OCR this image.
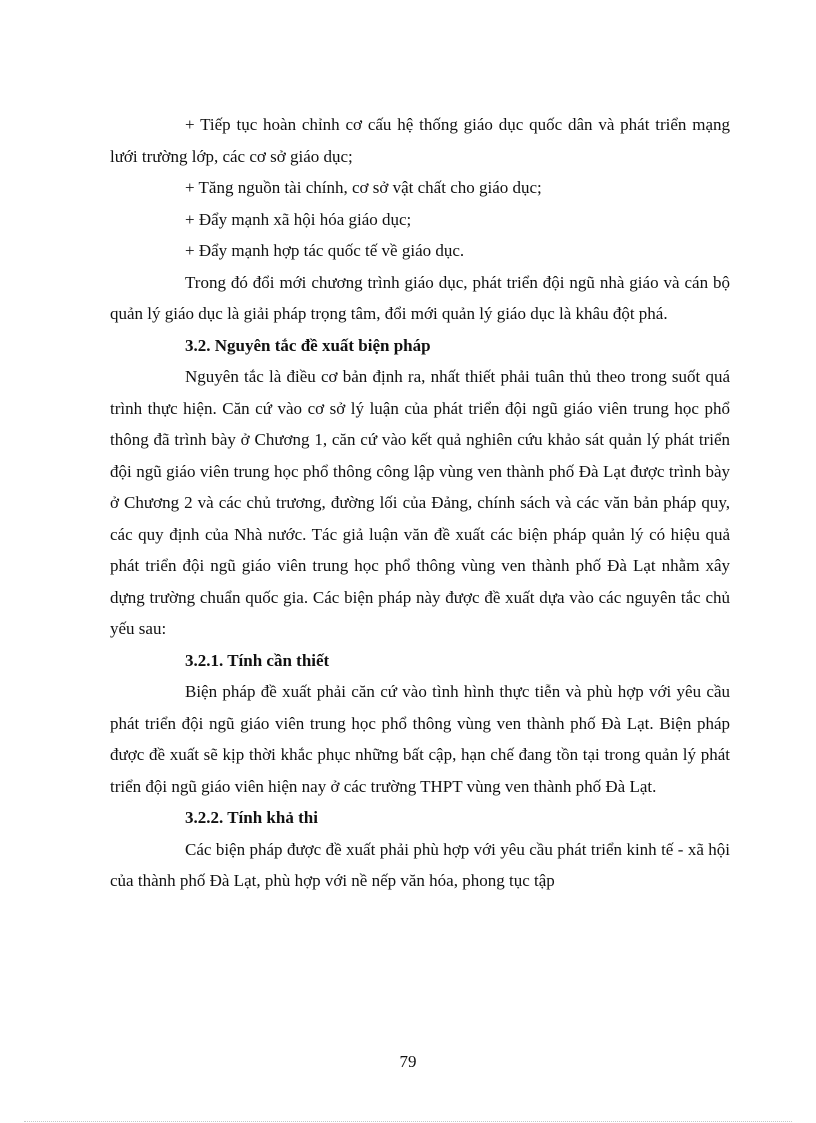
+ Tiếp tục hoàn chỉnh cơ cấu hệ thống giáo dục quốc dân và phát triển mạng lưới trường lớp, các cơ sở giáo dục;

+ Tăng nguồn tài chính, cơ sở vật chất cho giáo dục;

+ Đẩy mạnh xã hội hóa giáo dục;

+ Đẩy mạnh hợp tác quốc tế về giáo dục.

Trong đó đổi mới chương trình giáo dục, phát triển đội ngũ nhà giáo và cán bộ quản lý giáo dục là giải pháp trọng tâm, đổi mới quản lý giáo dục là khâu đột phá.

3.2. Nguyên tắc đề xuất biện pháp

Nguyên tắc là điều cơ bản định ra, nhất thiết phải tuân thủ theo trong suốt quá trình thực hiện. Căn cứ vào cơ sở lý luận của phát triển đội ngũ giáo viên trung học phổ thông đã trình bày ở Chương 1, căn cứ vào kết quả nghiên cứu khảo sát quản lý phát triển đội ngũ giáo viên trung học phổ thông công lập vùng ven thành phố Đà Lạt được trình bày ở Chương 2 và các chủ trương, đường lối của Đảng, chính sách và các văn bản pháp quy, các quy định của Nhà nước. Tác giả luận văn đề xuất các biện pháp quản lý có hiệu quả phát triển đội ngũ giáo viên trung học phổ thông vùng ven thành phố Đà Lạt nhằm xây dựng trường chuẩn quốc gia. Các biện pháp này được đề xuất dựa vào các nguyên tắc chủ yếu sau:

3.2.1. Tính cần thiết

Biện pháp đề xuất phải căn cứ vào tình hình thực tiễn và phù hợp với yêu cầu phát triển đội ngũ giáo viên trung học phổ thông vùng ven thành phố Đà Lạt. Biện pháp được đề xuất sẽ kịp thời khắc phục những bất cập, hạn chế đang tồn tại trong quản lý phát triển đội ngũ giáo viên hiện nay ở các trường THPT vùng ven thành phố Đà Lạt.

3.2.2. Tính khả thi

Các biện pháp được đề xuất phải phù hợp với yêu cầu phát triển kinh tế - xã hội của thành phố Đà Lạt, phù hợp với nề nếp văn hóa, phong tục tập

79
